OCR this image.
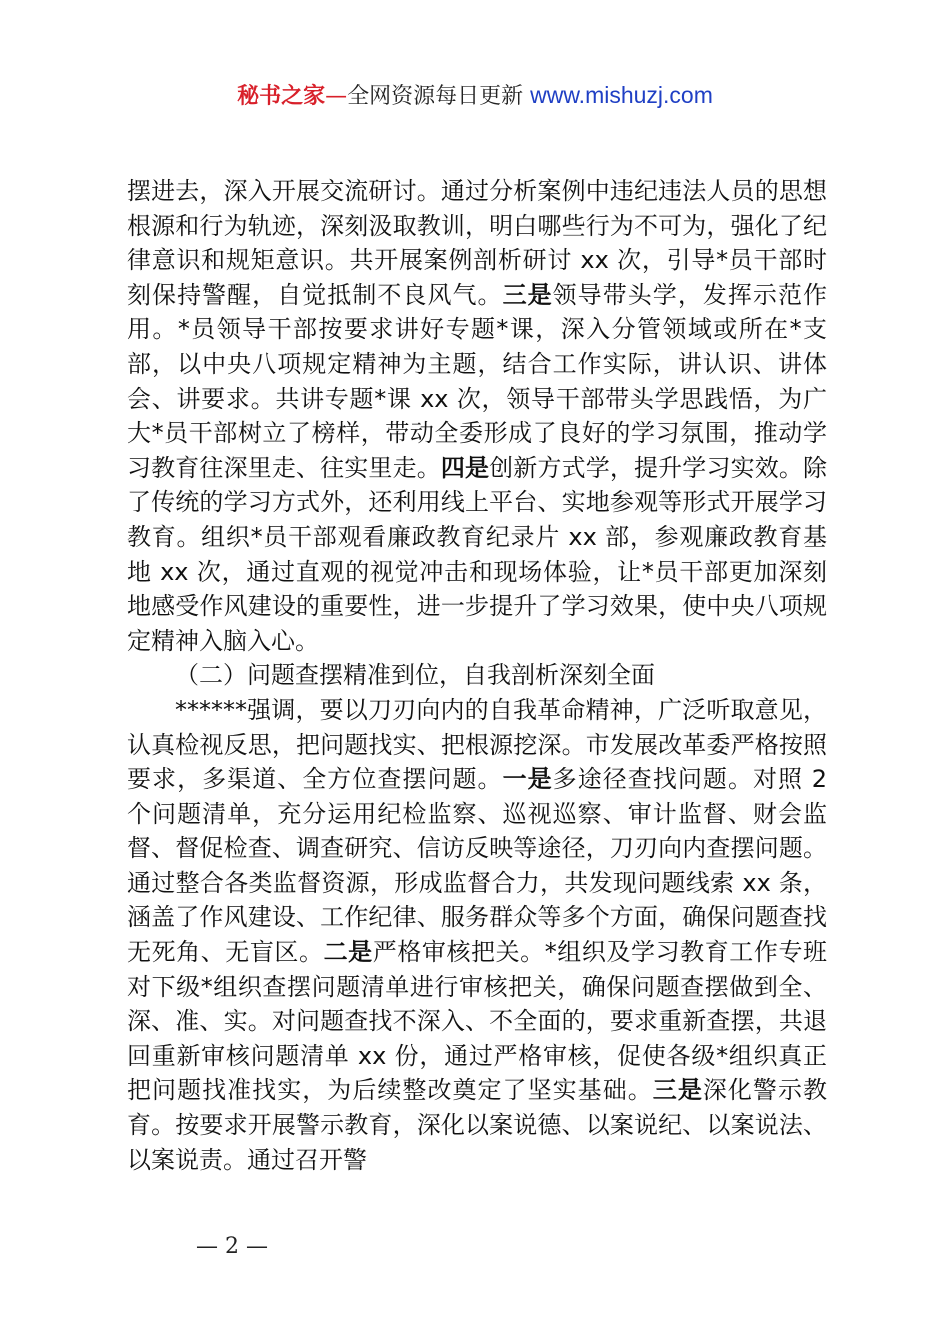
秘书之家—全网资源每日更新 www.mishuzj.com

摆进去，深入开展交流研讨。通过分析案例中违纪违法人员的思想根源和行为轨迹，深刻汲取教训，明白哪些行为不可为，强化了纪律意识和规矩意识。共开展案例剖析研讨 xx 次，引导*员干部时刻保持警醒，自觉抵制不良风气。三是领导带头学，发挥示范作用。*员领导干部按要求讲好专题*课，深入分管领域或所在*支部，以中央八项规定精神为主题，结合工作实际，讲认识、讲体会、讲要求。共讲专题*课 xx 次，领导干部带头学思践悟，为广大*员干部树立了榜样，带动全委形成了良好的学习氛围，推动学习教育往深里走、往实里走。四是创新方式学，提升学习实效。除了传统的学习方式外，还利用线上平台、实地参观等形式开展学习教育。组织*员干部观看廉政教育纪录片 xx 部，参观廉政教育基地 xx 次，通过直观的视觉冲击和现场体验，让*员干部更加深刻地感受作风建设的重要性，进一步提升了学习效果，使中央八项规定精神入脑入心。

（二）问题查摆精准到位，自我剖析深刻全面

******强调，要以刀刃向内的自我革命精神，广泛听取意见，认真检视反思，把问题找实、把根源挖深。市发展改革委严格按照要求，多渠道、全方位查摆问题。一是多途径查找问题。对照 2 个问题清单，充分运用纪检监察、巡视巡察、审计监督、财会监督、督促检查、调查研究、信访反映等途径，刀刃向内查摆问题。通过整合各类监督资源，形成监督合力，共发现问题线索 xx 条，涵盖了作风建设、工作纪律、服务群众等多个方面，确保问题查找无死角、无盲区。二是严格审核把关。*组织及学习教育工作专班对下级*组织查摆问题清单进行审核把关，确保问题查摆做到全、深、准、实。对问题查找不深入、不全面的，要求重新查摆，共退回重新审核问题清单 xx 份，通过严格审核，促使各级*组织真正把问题找准找实，为后续整改奠定了坚实基础。三是深化警示教育。按要求开展警示教育，深化以案说德、以案说纪、以案说法、以案说责。通过召开警

— 2 —
